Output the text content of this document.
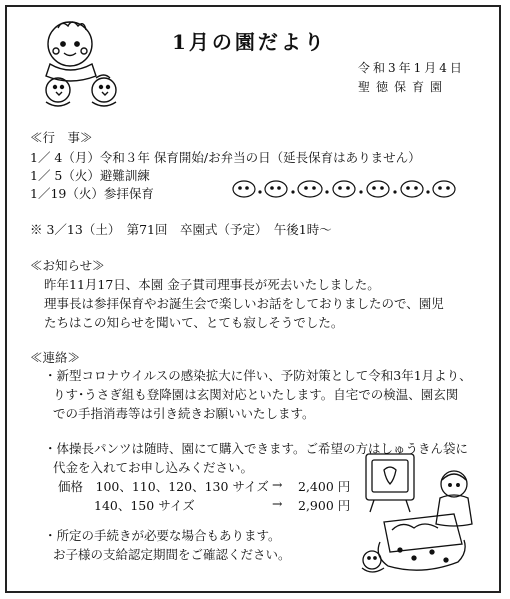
1月の園だより
令和3年1月4日
聖徳保育園
≪行　事≫
1／ 4（月）令和３年 保育開始/お弁当の日（延長保育はありません）
1／ 5（火）避難訓練
1／19（火）参拝保育
※ 3／13（土）　第71回　卒園式（予定）　午後1時～
≪お知らせ≫
昨年11月17日、本園 金子貫司理事長が死去いたしました。
理事長は参拝保育やお誕生会で楽しいお話をしておりましたので、園児
たちはこの知らせを聞いて、とても寂しそうでした。
≪連絡≫
・新型コロナウイルスの感染拡大に伴い、予防対策として令和3年1月より、
りす･うさぎ組も登降園は玄関対応といたします。自宅での検温、園玄関
での手指消毒等は引き続きお願いいたします。
・体操長パンツは随時、園にて購入できます。ご希望の方はしゅうきん袋に
代金を入れてお申し込みください。
価格　100、110、120、130 サイズ → 2,400 円
140、150 サイズ	→ 2,900 円
・所定の手続きが必要な場合もあります。
お子様の支給認定期間をご確認ください。
